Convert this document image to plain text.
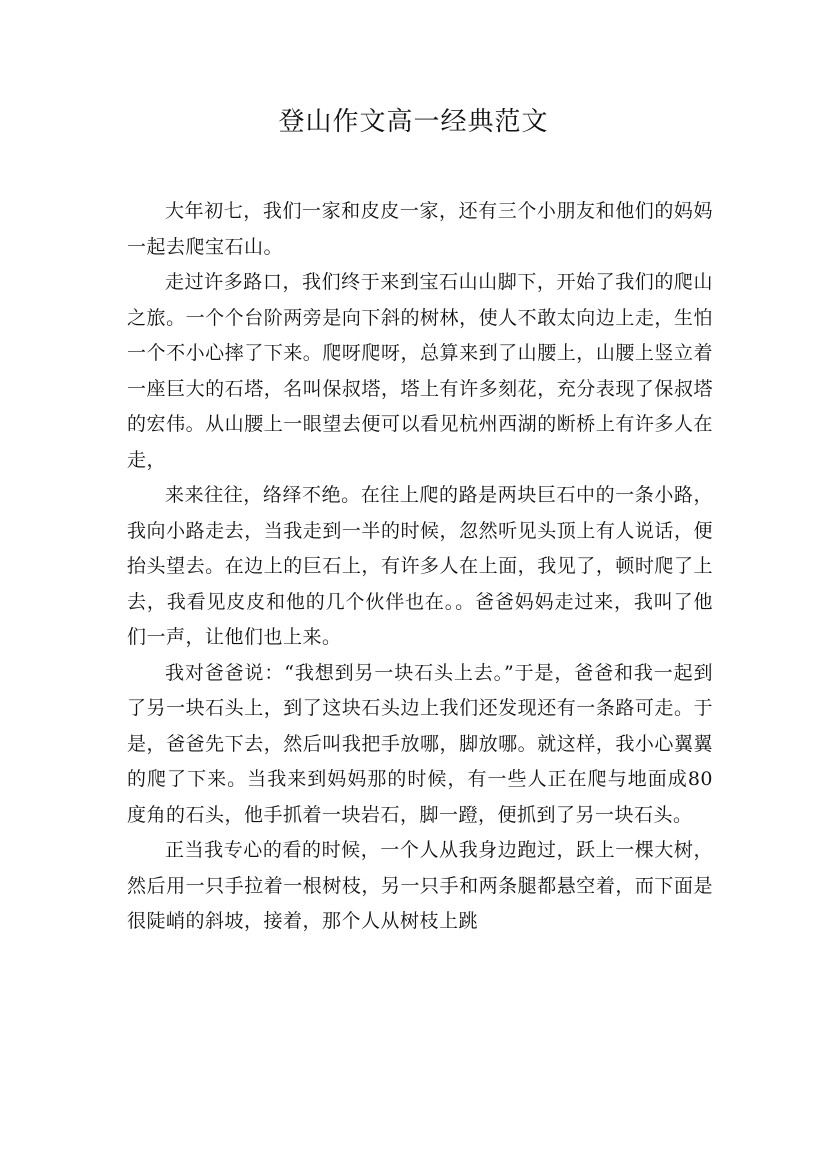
登山作文高一经典范文

大年初七，我们一家和皮皮一家，还有三个小朋友和他们的妈妈一起去爬宝石山。

走过许多路口，我们终于来到宝石山山脚下，开始了我们的爬山之旅。一个个台阶两旁是向下斜的树林，使人不敢太向边上走，生怕一个不小心摔了下来。爬呀爬呀，总算来到了山腰上，山腰上竖立着一座巨大的石塔，名叫保叔塔，塔上有许多刻花，充分表现了保叔塔的宏伟。从山腰上一眼望去便可以看见杭州西湖的断桥上有许多人在走，

来来往往，络绎不绝。在往上爬的路是两块巨石中的一条小路，我向小路走去，当我走到一半的时候，忽然听见头顶上有人说话，便抬头望去。在边上的巨石上，有许多人在上面，我见了，顿时爬了上去，我看见皮皮和他的几个伙伴也在。。爸爸妈妈走过来，我叫了他们一声，让他们也上来。

我对爸爸说：“我想到另一块石头上去。”于是，爸爸和我一起到了另一块石头上，到了这块石头边上我们还发现还有一条路可走。于是，爸爸先下去，然后叫我把手放哪，脚放哪。就这样，我小心翼翼的爬了下来。当我来到妈妈那的时候，有一些人正在爬与地面成80度角的石头，他手抓着一块岩石，脚一蹬，便抓到了另一块石头。

正当我专心的看的时候，一个人从我身边跑过，跃上一棵大树，然后用一只手拉着一根树枝，另一只手和两条腿都悬空着，而下面是很陡峭的斜坡，接着，那个人从树枝上跳
